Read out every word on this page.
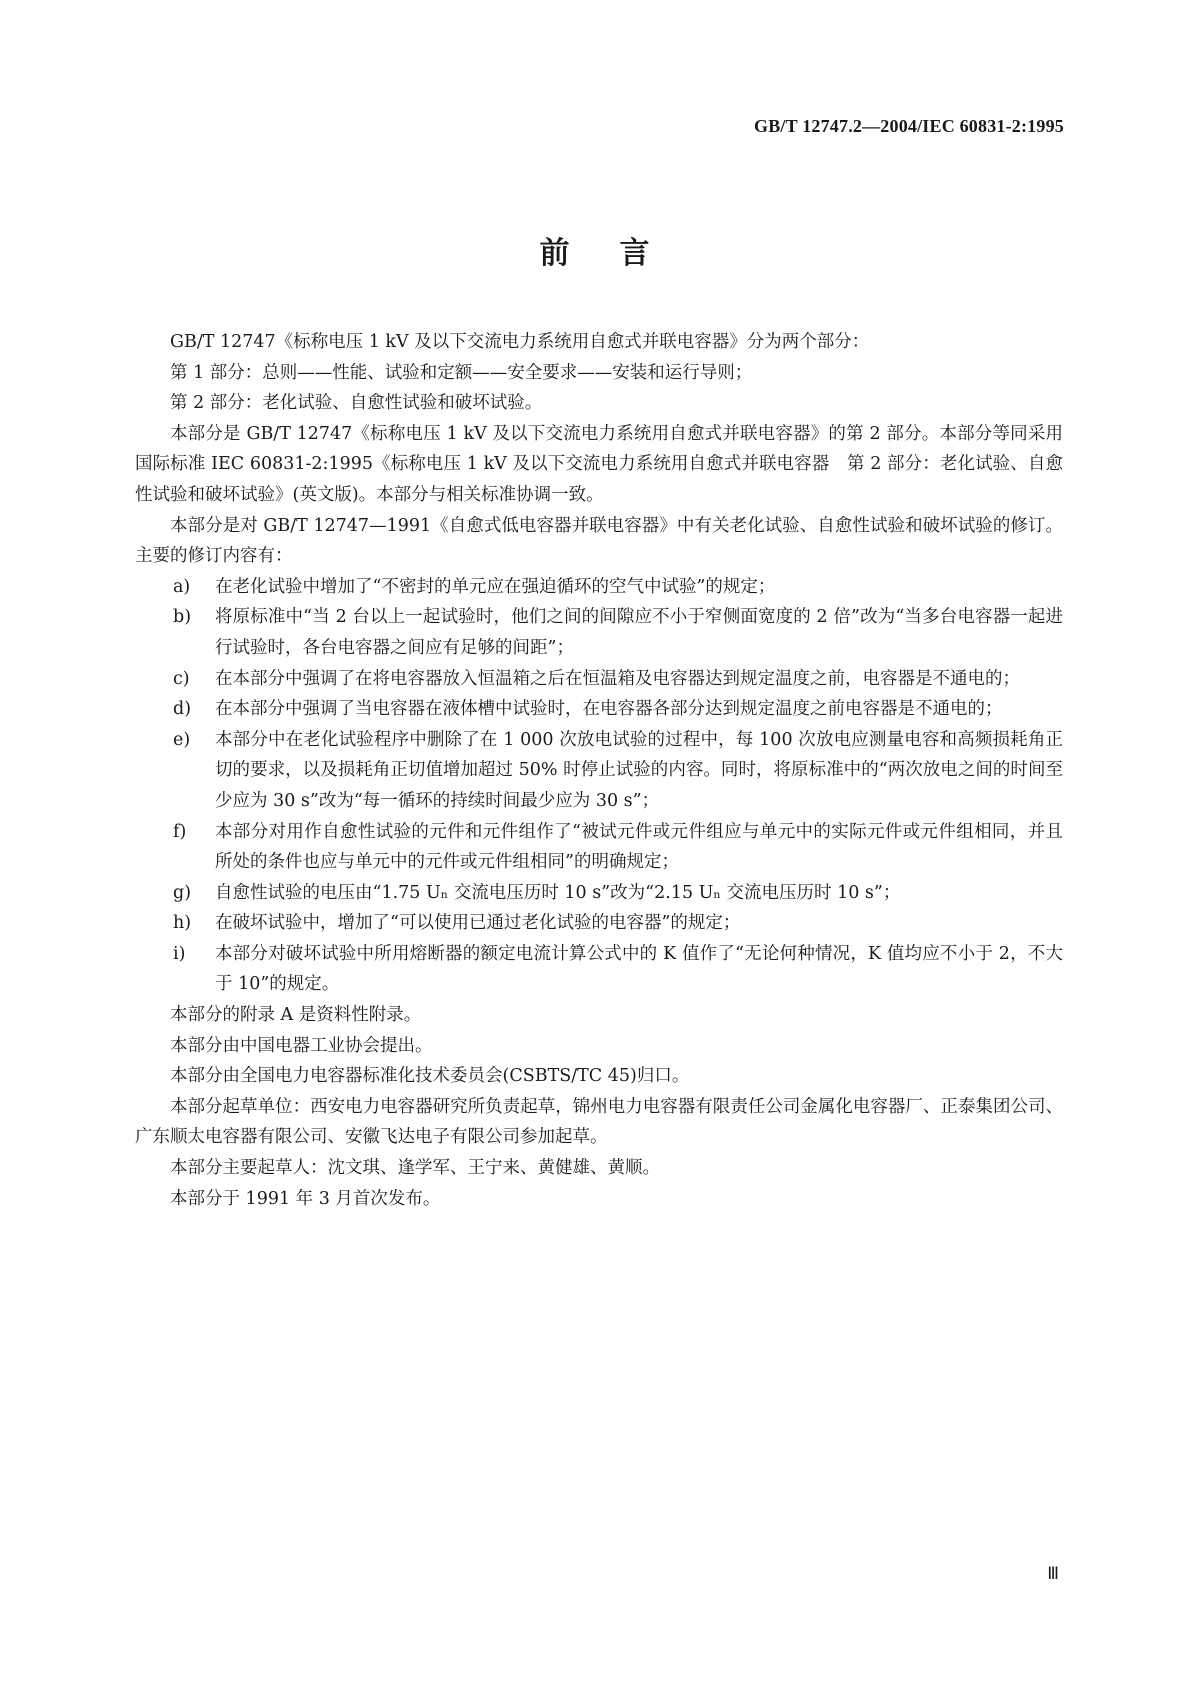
GB/T 12747.2—2004/IEC 60831-2:1995
前 言

GB/T 12747《标称电压 1 kV 及以下交流电力系统用自愈式并联电容器》分为两个部分：

第 1 部分：总则——性能、试验和定额——安全要求——安装和运行导则；

第 2 部分：老化试验、自愈性试验和破坏试验。

本部分是 GB/T 12747《标称电压 1 kV 及以下交流电力系统用自愈式并联电容器》的第 2 部分。本部分等同采用国际标准 IEC 60831-2:1995《标称电压 1 kV 及以下交流电力系统用自愈式并联电容器　第 2 部分：老化试验、自愈性试验和破坏试验》(英文版)。本部分与相关标准协调一致。

本部分是对 GB/T 12747—1991《自愈式低电容器并联电容器》中有关老化试验、自愈性试验和破坏试验的修订。主要的修订内容有：

a)	在老化试验中增加了“不密封的单元应在强迫循环的空气中试验”的规定；
b)	将原标准中“当 2 台以上一起试验时，他们之间的间隙应不小于窄侧面宽度的 2 倍”改为“当多台电容器一起进行试验时，各台电容器之间应有足够的间距”；
c)	在本部分中强调了在将电容器放入恒温箱之后在恒温箱及电容器达到规定温度之前，电容器是不通电的；
d)	在本部分中强调了当电容器在液体槽中试验时，在电容器各部分达到规定温度之前电容器是不通电的；
e)	本部分中在老化试验程序中删除了在 1 000 次放电试验的过程中，每 100 次放电应测量电容和高频损耗角正切的要求，以及损耗角正切值增加超过 50% 时停止试验的内容。同时，将原标准中的“两次放电之间的时间至少应为 30 s”改为“每一循环的持续时间最少应为 30 s”；
f)	本部分对用作自愈性试验的元件和元件组作了“被试元件或元件组应与单元中的实际元件或元件组相同，并且所处的条件也应与单元中的元件或元件组相同”的明确规定；
g)	自愈性试验的电压由“1.75 Uₙ 交流电压历时 10 s”改为“2.15 Uₙ 交流电压历时 10 s”；
h)	在破坏试验中，增加了“可以使用已通过老化试验的电容器”的规定；
i)	本部分对破坏试验中所用熔断器的额定电流计算公式中的 K 值作了“无论何种情况，K 值均应不小于 2，不大于 10”的规定。

本部分的附录 A 是资料性附录。

本部分由中国电器工业协会提出。

本部分由全国电力电容器标准化技术委员会(CSBTS/TC 45)归口。

本部分起草单位：西安电力电容器研究所负责起草，锦州电力电容器有限责任公司金属化电容器厂、正泰集团公司、广东顺太电容器有限公司、安徽飞达电子有限公司参加起草。

本部分主要起草人：沈文琪、逢学军、王宁来、黄健雄、黄顺。

本部分于 1991 年 3 月首次发布。

Ⅲ
